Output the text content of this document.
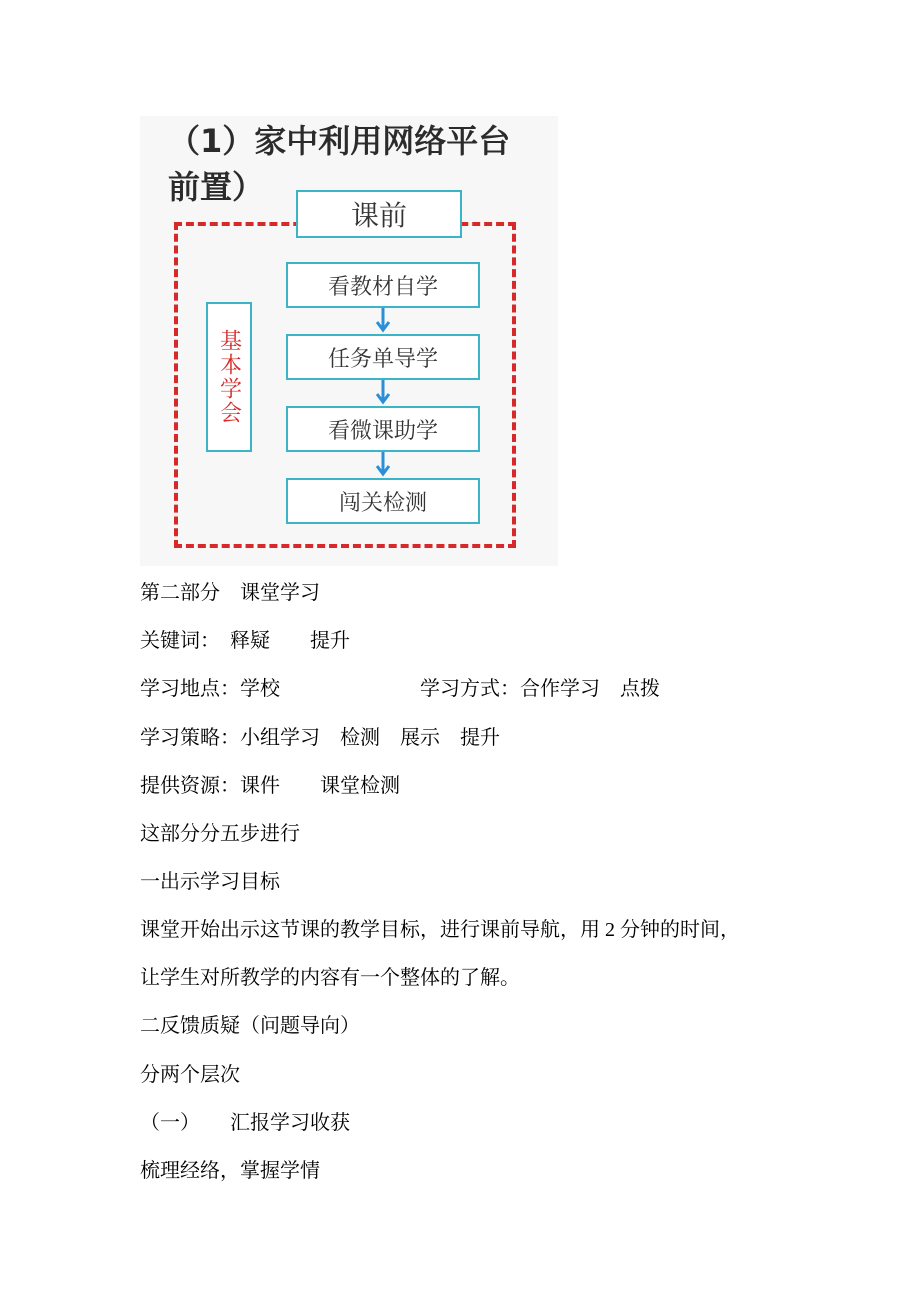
（1）家中利用网络平台
前置）
课前
基本学会
看教材自学
任务单导学
看微课助学
闯关检测
第二部分　课堂学习
关键词：　释疑　　提升
学习地点：学校　　　　　　　学习方式：合作学习　点拨
学习策略：小组学习　检测　展示　提升
提供资源：课件　　课堂检测
这部分分五步进行
一出示学习目标
课堂开始出示这节课的教学目标，进行课前导航，用 2 分钟的时间，
让学生对所教学的内容有一个整体的了解。
二反馈质疑（问题导向）
分两个层次
（一）　　汇报学习收获
梳理经络，掌握学情
